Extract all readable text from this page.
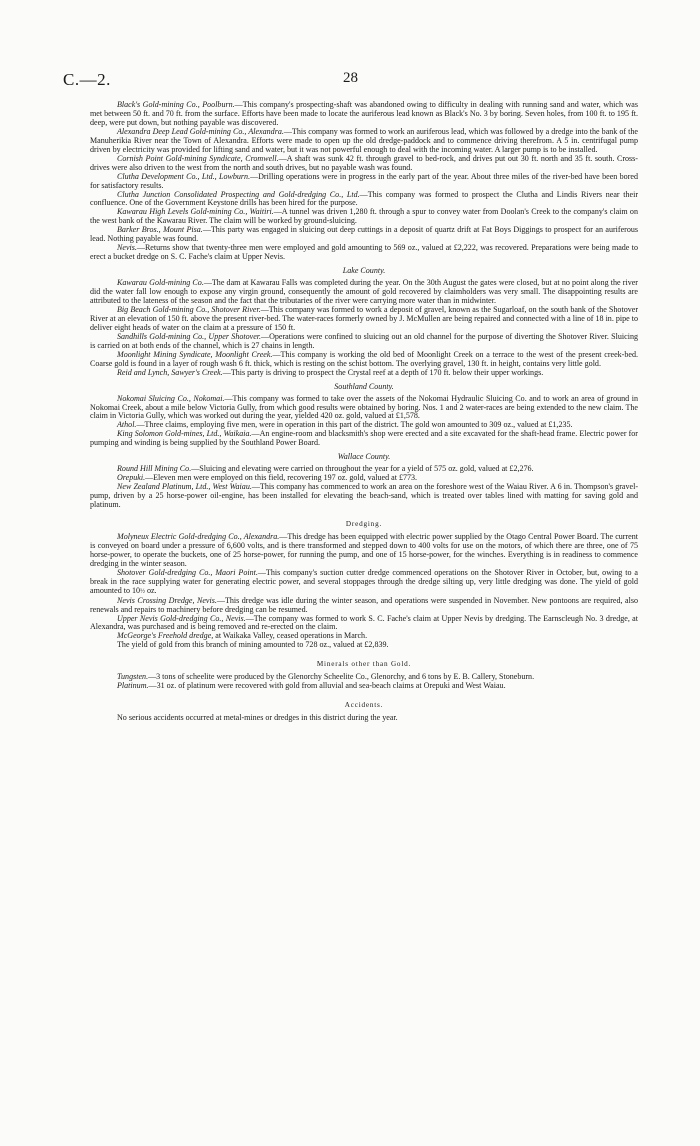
C.—2.	28

Black's Gold-mining Co., Poolburn.—This company's prospecting-shaft was abandoned owing to difficulty in dealing with running sand and water, which was met between 50 ft. and 70 ft. from the surface. Efforts have been made to locate the auriferous lead known as Black's No. 3 by boring. Seven holes, from 100 ft. to 195 ft. deep, were put down, but nothing payable was discovered.

Alexandra Deep Lead Gold-mining Co., Alexandra.—This company was formed to work an auriferous lead, which was followed by a dredge into the bank of the Manuherikia River near the Town of Alexandra. Efforts were made to open up the old dredge-paddock and to commence driving therefrom. A 5 in. centrifugal pump driven by electricity was provided for lifting sand and water, but it was not powerful enough to deal with the incoming water. A larger pump is to be installed.

Cornish Point Gold-mining Syndicate, Cromwell.—A shaft was sunk 42 ft. through gravel to bed-rock, and drives put out 30 ft. north and 35 ft. south. Cross-drives were also driven to the west from the north and south drives, but no payable wash was found.

Clutha Development Co., Ltd., Lowburn.—Drilling operations were in progress in the early part of the year. About three miles of the river-bed have been bored for satisfactory results.

Clutha Junction Consolidated Prospecting and Gold-dredging Co., Ltd.—This company was formed to prospect the Clutha and Lindis Rivers near their confluence. One of the Government Keystone drills has been hired for the purpose.

Kawarau High Levels Gold-mining Co., Waitiri.—A tunnel was driven 1,280 ft. through a spur to convey water from Doolan's Creek to the company's claim on the west bank of the Kawarau River. The claim will be worked by ground-sluicing.

Barker Bros., Mount Pisa.—This party was engaged in sluicing out deep cuttings in a deposit of quartz drift at Fat Boys Diggings to prospect for an auriferous lead. Nothing payable was found.

Nevis.—Returns show that twenty-three men were employed and gold amounting to 569 oz., valued at £2,222, was recovered. Preparations were being made to erect a bucket dredge on S. C. Fache's claim at Upper Nevis.

Lake County.

Kawarau Gold-mining Co.—The dam at Kawarau Falls was completed during the year. On the 30th August the gates were closed, but at no point along the river did the water fall low enough to expose any virgin ground, consequently the amount of gold recovered by claimholders was very small. The disappointing results are attributed to the lateness of the season and the fact that the tributaries of the river were carrying more water than in midwinter.

Big Beach Gold-mining Co., Shotover River.—This company was formed to work a deposit of gravel, known as the Sugarloaf, on the south bank of the Shotover River at an elevation of 150 ft. above the present river-bed. The water-races formerly owned by J. McMullen are being repaired and connected with a line of 18 in. pipe to deliver eight heads of water on the claim at a pressure of 150 ft.

Sandhills Gold-mining Co., Upper Shotover.—Operations were confined to sluicing out an old channel for the purpose of diverting the Shotover River. Sluicing is carried on at both ends of the channel, which is 27 chains in length.

Moonlight Mining Syndicate, Moonlight Creek.—This company is working the old bed of Moonlight Creek on a terrace to the west of the present creek-bed. Coarse gold is found in a layer of rough wash 6 ft. thick, which is resting on the schist bottom. The overlying gravel, 130 ft. in height, contains very little gold.

Reid and Lynch, Sawyer's Creek.—This party is driving to prospect the Crystal reef at a depth of 170 ft. below their upper workings.

Southland County.

Nokomai Sluicing Co., Nokomai.—This company was formed to take over the assets of the Nokomai Hydraulic Sluicing Co. and to work an area of ground in Nokomai Creek, about a mile below Victoria Gully, from which good results were obtained by boring. Nos. 1 and 2 water-races are being extended to the new claim. The claim in Victoria Gully, which was worked out during the year, yielded 420 oz. gold, valued at £1,578.

Athol.—Three claims, employing five men, were in operation in this part of the district. The gold won amounted to 309 oz., valued at £1,235.

King Solomon Gold-mines, Ltd., Waikaia.—An engine-room and blacksmith's shop were erected and a site excavated for the shaft-head frame. Electric power for pumping and winding is being supplied by the Southland Power Board.

Wallace County.

Round Hill Mining Co.—Sluicing and elevating were carried on throughout the year for a yield of 575 oz. gold, valued at £2,276.

Orepuki.—Eleven men were employed on this field, recovering 197 oz. gold, valued at £773.

New Zealand Platinum, Ltd., West Waiau.—This company has commenced to work an area on the foreshore west of the Waiau River. A 6 in. Thompson's gravel-pump, driven by a 25 horse-power oil-engine, has been installed for elevating the beach-sand, which is treated over tables lined with matting for saving gold and platinum.

Dredging.

Molyneux Electric Gold-dredging Co., Alexandra.—This dredge has been equipped with electric power supplied by the Otago Central Power Board. The current is conveyed on board under a pressure of 6,600 volts, and is there transformed and stepped down to 400 volts for use on the motors, of which there are three, one of 75 horse-power, to operate the buckets, one of 25 horse-power, for running the pump, and one of 15 horse-power, for the winches. Everything is in readiness to commence dredging in the winter season.

Shotover Gold-dredging Co., Maori Point.—This company's suction cutter dredge commenced operations on the Shotover River in October, but, owing to a break in the race supplying water for generating electric power, and several stoppages through the dredge silting up, very little dredging was done. The yield of gold amounted to 10½ oz.

Nevis Crossing Dredge, Nevis.—This dredge was idle during the winter season, and operations were suspended in November. New pontoons are required, also renewals and repairs to machinery before dredging can be resumed.

Upper Nevis Gold-dredging Co., Nevis.—The company was formed to work S. C. Fache's claim at Upper Nevis by dredging. The Earnscleugh No. 3 dredge, at Alexandra, was purchased and is being removed and re-erected on the claim.

McGeorge's Freehold dredge, at Waikaka Valley, ceased operations in March.

The yield of gold from this branch of mining amounted to 728 oz., valued at £2,839.

Minerals other than Gold.

Tungsten.—3 tons of scheelite were produced by the Glenorchy Scheelite Co., Glenorchy, and 6 tons by E. B. Callery, Stoneburn.

Platinum.—31 oz. of platinum were recovered with gold from alluvial and sea-beach claims at Orepuki and West Waiau.

Accidents.

No serious accidents occurred at metal-mines or dredges in this district during the year.
